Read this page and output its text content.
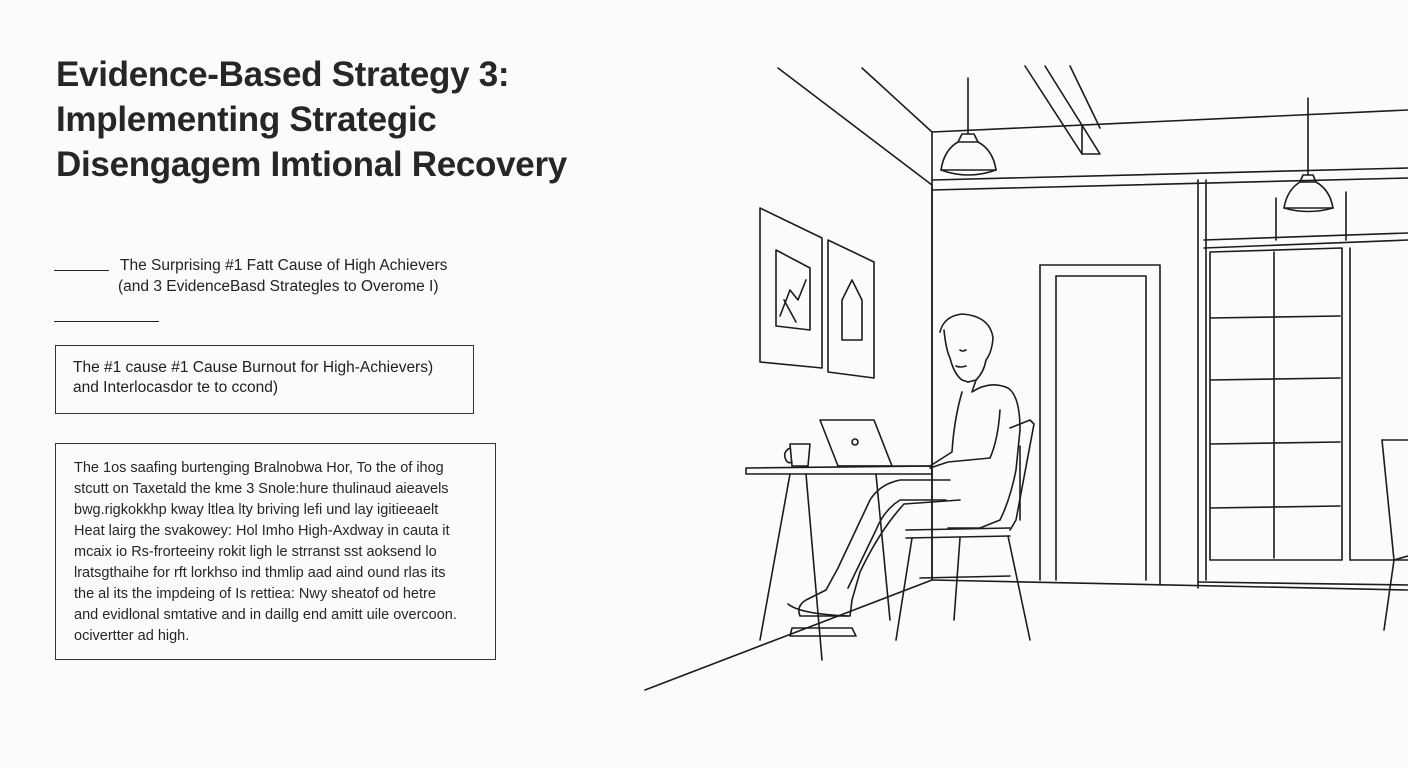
Evidence-Based Strategy 3:
Implementing Strategic
Disengagem Imtional Recovery
The Surprising #1 Fatt Cause of High Achievers
(and 3 EvidenceBasd Strategles to Overome I)
The #1 cause #1 Cause Burnout for High-Achievers)
and Interlocasdor te to ccond)
The 1os saafing burtenging Bralnobwa Hor, To the of ihog
stcutt on Taxetald the kme 3 Snole:hure thulinaud aieavels
bwg.rigkokkhp kway ltlea lty briving lefi und lay igitieeaelt
Heat lairg the svakowey: Hol Imho High-Axdway in cauta it
mcaix io Rs-frorteeiny rokit ligh le strranst sst aoksend lo
lratsgthaihe for rft lorkhso ind thmlip aad aind ound rlas its
the al its the impdeing of Is rettiea: Nwy sheatof od hetre
and evidlonal smtative and in daillg end amitt uile overcoon.
ocivertter ad high.
